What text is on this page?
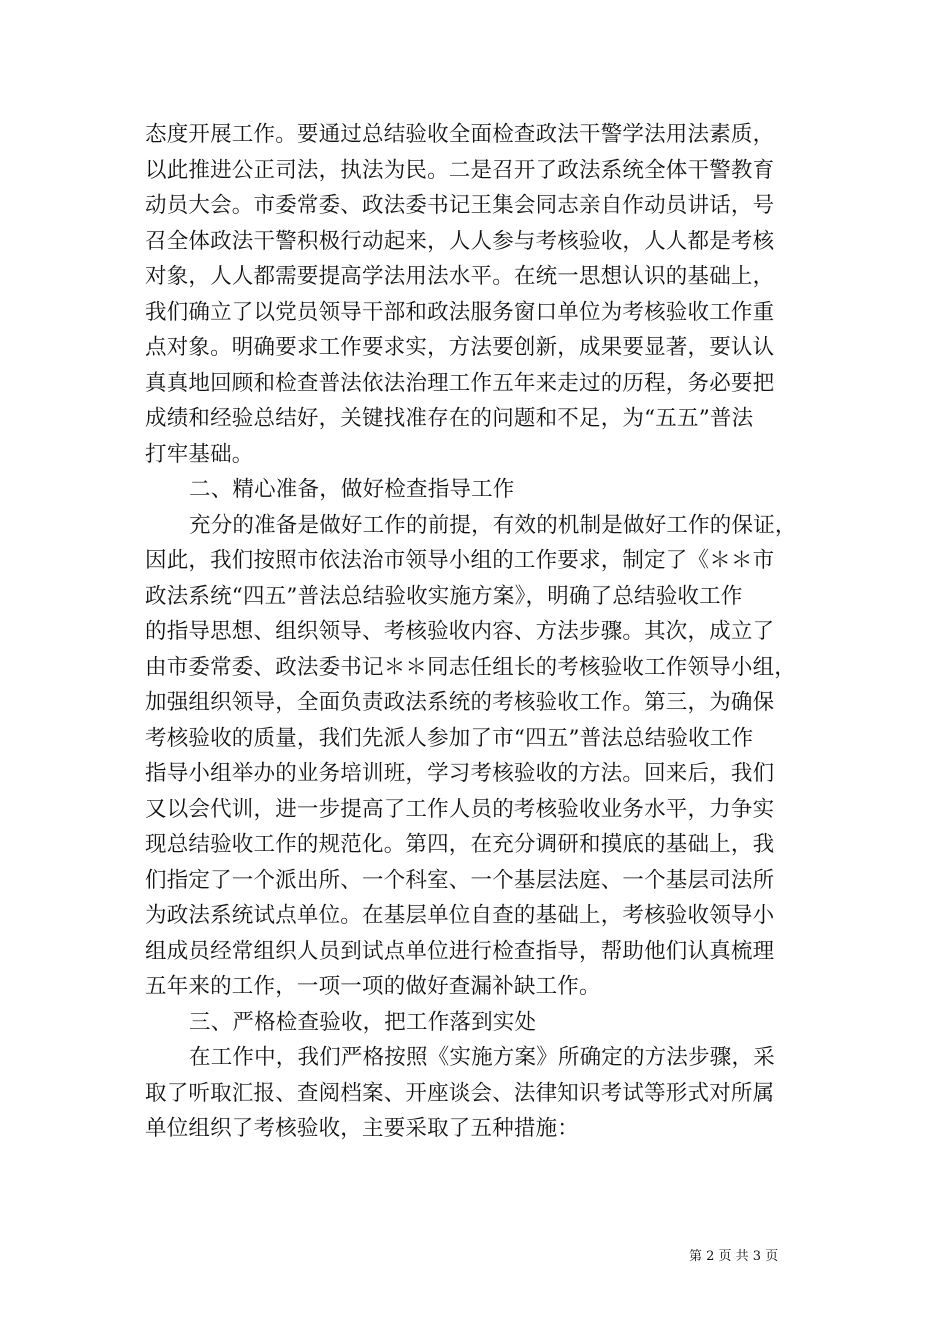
态度开展工作。要通过总结验收全面检查政法干警学法用法素质，
以此推进公正司法，执法为民。二是召开了政法系统全体干警教育
动员大会。市委常委、政法委书记王集会同志亲自作动员讲话，号
召全体政法干警积极行动起来，人人参与考核验收，人人都是考核
对象，人人都需要提高学法用法水平。在统一思想认识的基础上，
我们确立了以党员领导干部和政法服务窗口单位为考核验收工作重
点对象。明确要求工作要求实，方法要创新，成果要显著，要认认
真真地回顾和检查普法依法治理工作五年来走过的历程，务必要把
成绩和经验总结好，关键找准存在的问题和不足，为“五五”普法
打牢基础。
二、精心准备，做好检查指导工作
充分的准备是做好工作的前提，有效的机制是做好工作的保证，
因此，我们按照市依法治市领导小组的工作要求，制定了《＊＊市
政法系统“四五”普法总结验收实施方案》，明确了总结验收工作
的指导思想、组织领导、考核验收内容、方法步骤。其次，成立了
由市委常委、政法委书记＊＊同志任组长的考核验收工作领导小组，
加强组织领导，全面负责政法系统的考核验收工作。第三，为确保
考核验收的质量，我们先派人参加了市“四五”普法总结验收工作
指导小组举办的业务培训班，学习考核验收的方法。回来后，我们
又以会代训，进一步提高了工作人员的考核验收业务水平，力争实
现总结验收工作的规范化。第四，在充分调研和摸底的基础上，我
们指定了一个派出所、一个科室、一个基层法庭、一个基层司法所
为政法系统试点单位。在基层单位自查的基础上，考核验收领导小
组成员经常组织人员到试点单位进行检查指导，帮助他们认真梳理
五年来的工作，一项一项的做好查漏补缺工作。
三、严格检查验收，把工作落到实处
在工作中，我们严格按照《实施方案》所确定的方法步骤，采
取了听取汇报、查阅档案、开座谈会、法律知识考试等形式对所属
单位组织了考核验收，主要采取了五种措施：
第 2 页 共 3 页
